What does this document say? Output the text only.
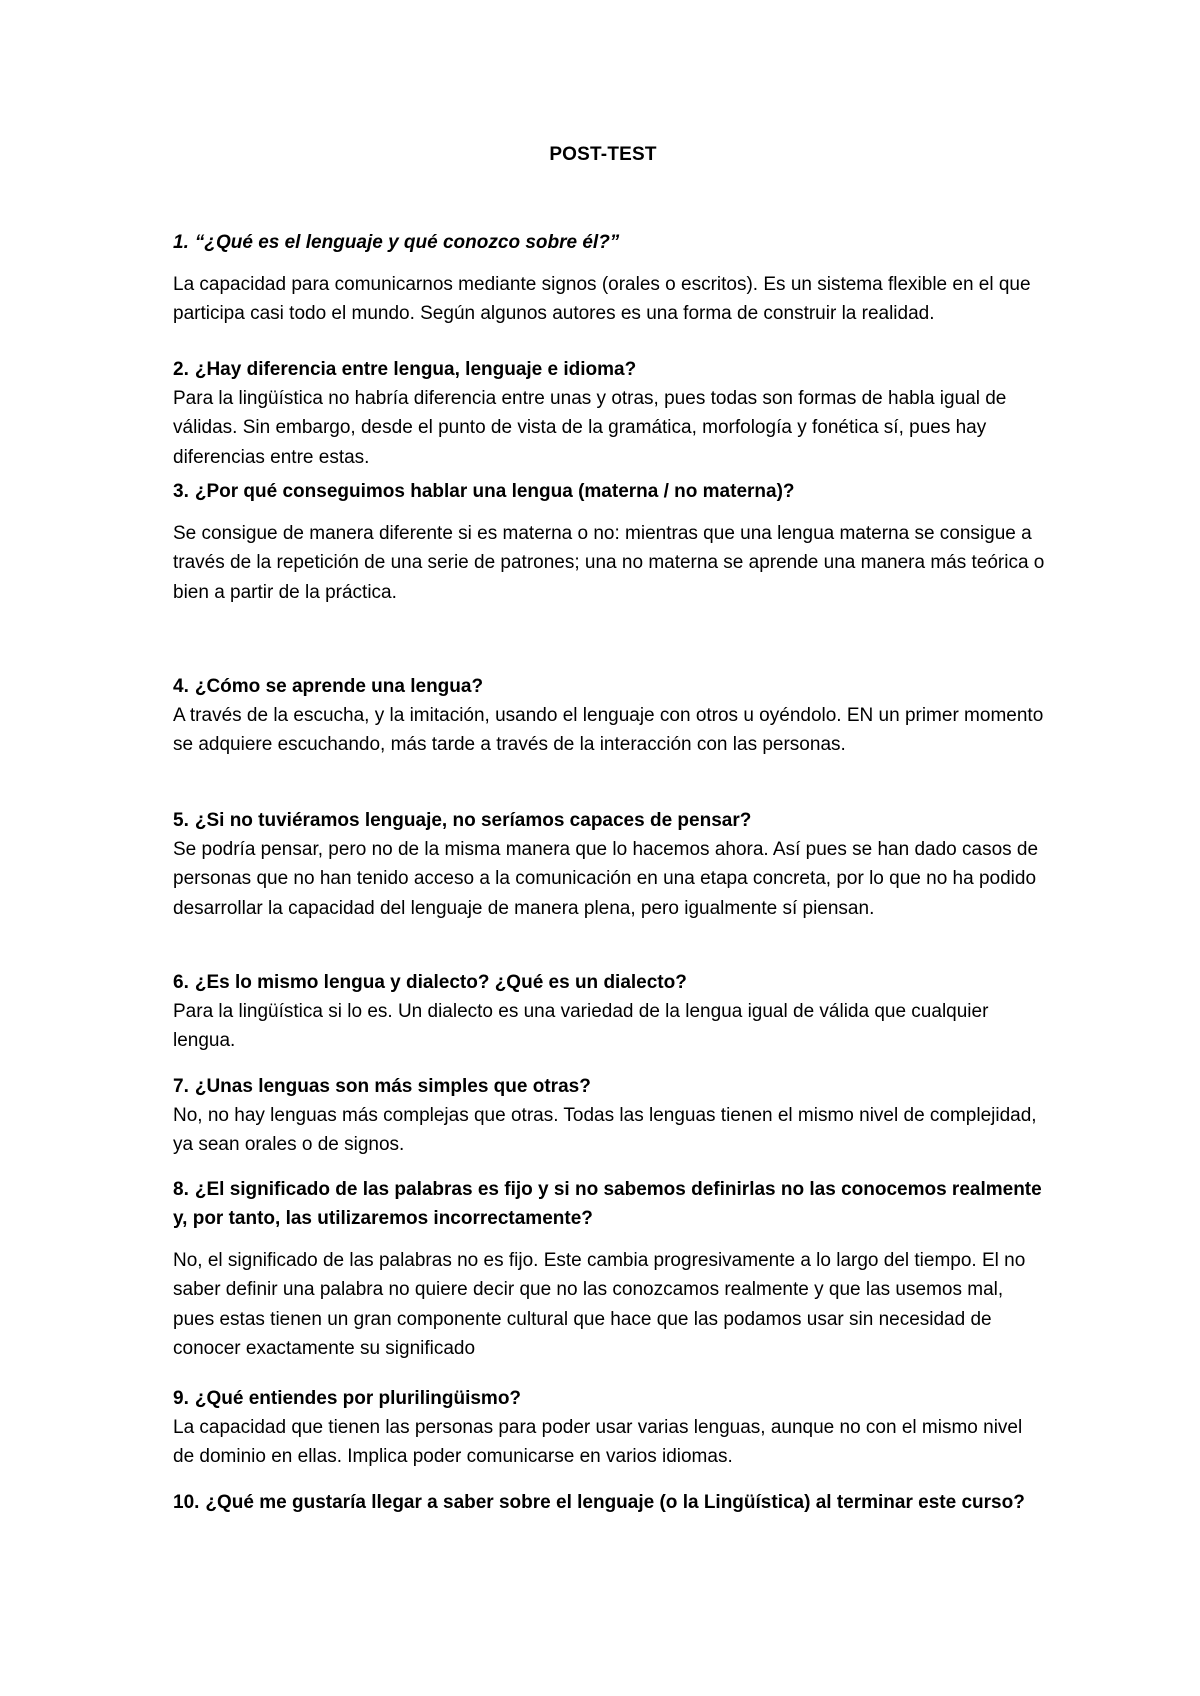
POST-TEST

1. “¿Qué es el lenguaje y qué conozco sobre él?”

La capacidad para comunicarnos mediante signos (orales o escritos). Es un sistema flexible en el que participa casi todo el mundo. Según algunos autores es una forma de construir la realidad.

2. ¿Hay diferencia entre lengua, lenguaje e idioma?

Para la lingüística no habría diferencia entre unas y otras, pues todas son formas de habla igual de válidas. Sin embargo, desde el punto de vista de la gramática, morfología y fonética sí, pues hay diferencias entre estas.

3. ¿Por qué conseguimos hablar una lengua (materna / no materna)?

Se consigue de manera diferente si es materna o no: mientras que una lengua materna se consigue a través de la repetición de una serie de patrones; una no materna se aprende una manera más teórica o bien a partir de la práctica.

4. ¿Cómo se aprende una lengua?

A través de la escucha, y la imitación, usando el lenguaje con otros u oyéndolo. EN un primer momento se adquiere escuchando, más tarde a través de la interacción con las personas.

5. ¿Si no tuviéramos lenguaje, no seríamos capaces de pensar?

Se podría pensar, pero no de la misma manera que lo hacemos ahora. Así pues se han dado casos de personas que no han tenido acceso a la comunicación en una etapa concreta, por lo que no ha podido desarrollar la capacidad del lenguaje de manera plena, pero igualmente sí piensan.

6. ¿Es lo mismo lengua y dialecto? ¿Qué es un dialecto?

Para la lingüística si lo es. Un dialecto es una variedad de la lengua igual de válida que cualquier lengua.

7. ¿Unas lenguas son más simples que otras?

No, no hay lenguas más complejas que otras. Todas las lenguas tienen el mismo nivel de complejidad, ya sean orales o de signos.

8. ¿El significado de las palabras es fijo y si no sabemos definirlas no las conocemos realmente y, por tanto, las utilizaremos incorrectamente?

No, el significado de las palabras no es fijo. Este cambia progresivamente a lo largo del tiempo. El no saber definir una palabra no quiere decir que no las conozcamos realmente y que las usemos mal, pues estas tienen un gran componente cultural que hace que las podamos usar sin necesidad de conocer exactamente su significado

9. ¿Qué entiendes por plurilingüismo?

La capacidad que tienen las personas para poder usar varias lenguas, aunque no con el mismo nivel de dominio en ellas. Implica poder comunicarse en varios idiomas.

10. ¿Qué me gustaría llegar a saber sobre el lenguaje (o la Lingüística) al terminar este curso?
